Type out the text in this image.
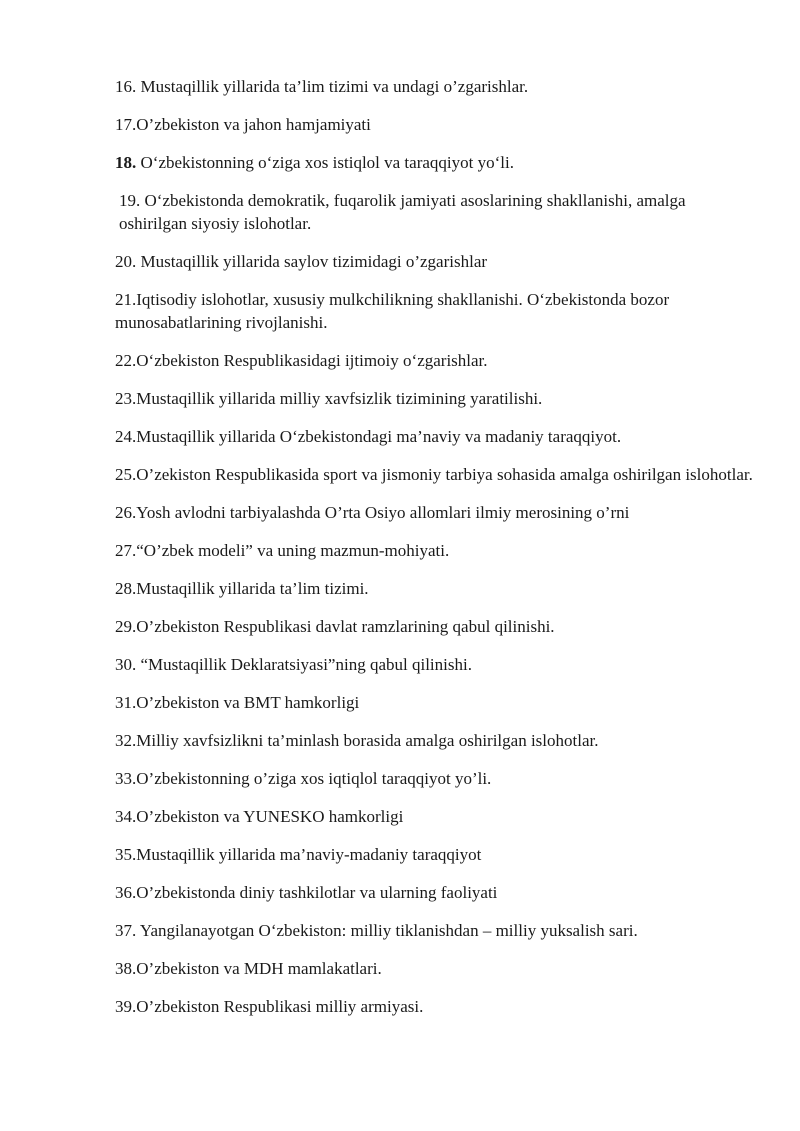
16. Mustaqillik yillarida ta’lim tizimi va undagi o’zgarishlar.

17.O’zbekiston va jahon hamjamiyati

18. O‘zbekistonning o‘ziga xos istiqlol va taraqqiyot yo‘li.

19. O‘zbekistonda demokratik, fuqarolik jamiyati asoslarining shakllanishi, amalga oshirilgan siyosiy islohotlar.

20. Mustaqillik yillarida saylov tizimidagi o’zgarishlar

21.Iqtisodiy islohotlar, xususiy mulkchilikning shakllanishi. O‘zbekistonda bozor munosabatlarining rivojlanishi.

22.O‘zbekiston Respublikasidagi ijtimoiy o‘zgarishlar.

23.Mustaqillik yillarida milliy xavfsizlik tizimining yaratilishi.

24.Mustaqillik yillarida O‘zbekistondagi ma’naviy va madaniy taraqqiyot.

25.O’zekiston Respublikasida sport va jismoniy tarbiya sohasida amalga oshirilgan islohotlar.

26.Yosh avlodni tarbiyalashda O’rta Osiyo allomlari ilmiy merosining o’rni

27.“O’zbek modeli” va uning mazmun-mohiyati.

28.Mustaqillik yillarida ta’lim tizimi.

29.O’zbekiston Respublikasi davlat ramzlarining qabul qilinishi.

30. “Mustaqillik Deklaratsiyasi”ning qabul qilinishi.

31.O’zbekiston va BMT hamkorligi

32.Milliy xavfsizlikni ta’minlash borasida amalga oshirilgan islohotlar.

33.O’zbekistonning o’ziga xos iqtiqlol taraqqiyot yo’li.

34.O’zbekiston va YUNESKO hamkorligi

35.Mustaqillik yillarida ma’naviy-madaniy taraqqiyot

36.O’zbekistonda diniy tashkilotlar va ularning faoliyati

37. Yangilanayotgan O‘zbekiston: milliy tiklanishdan – milliy yuksalish sari.

38.O’zbekiston va MDH mamlakatlari.

39.O’zbekiston Respublikasi milliy armiyasi.
